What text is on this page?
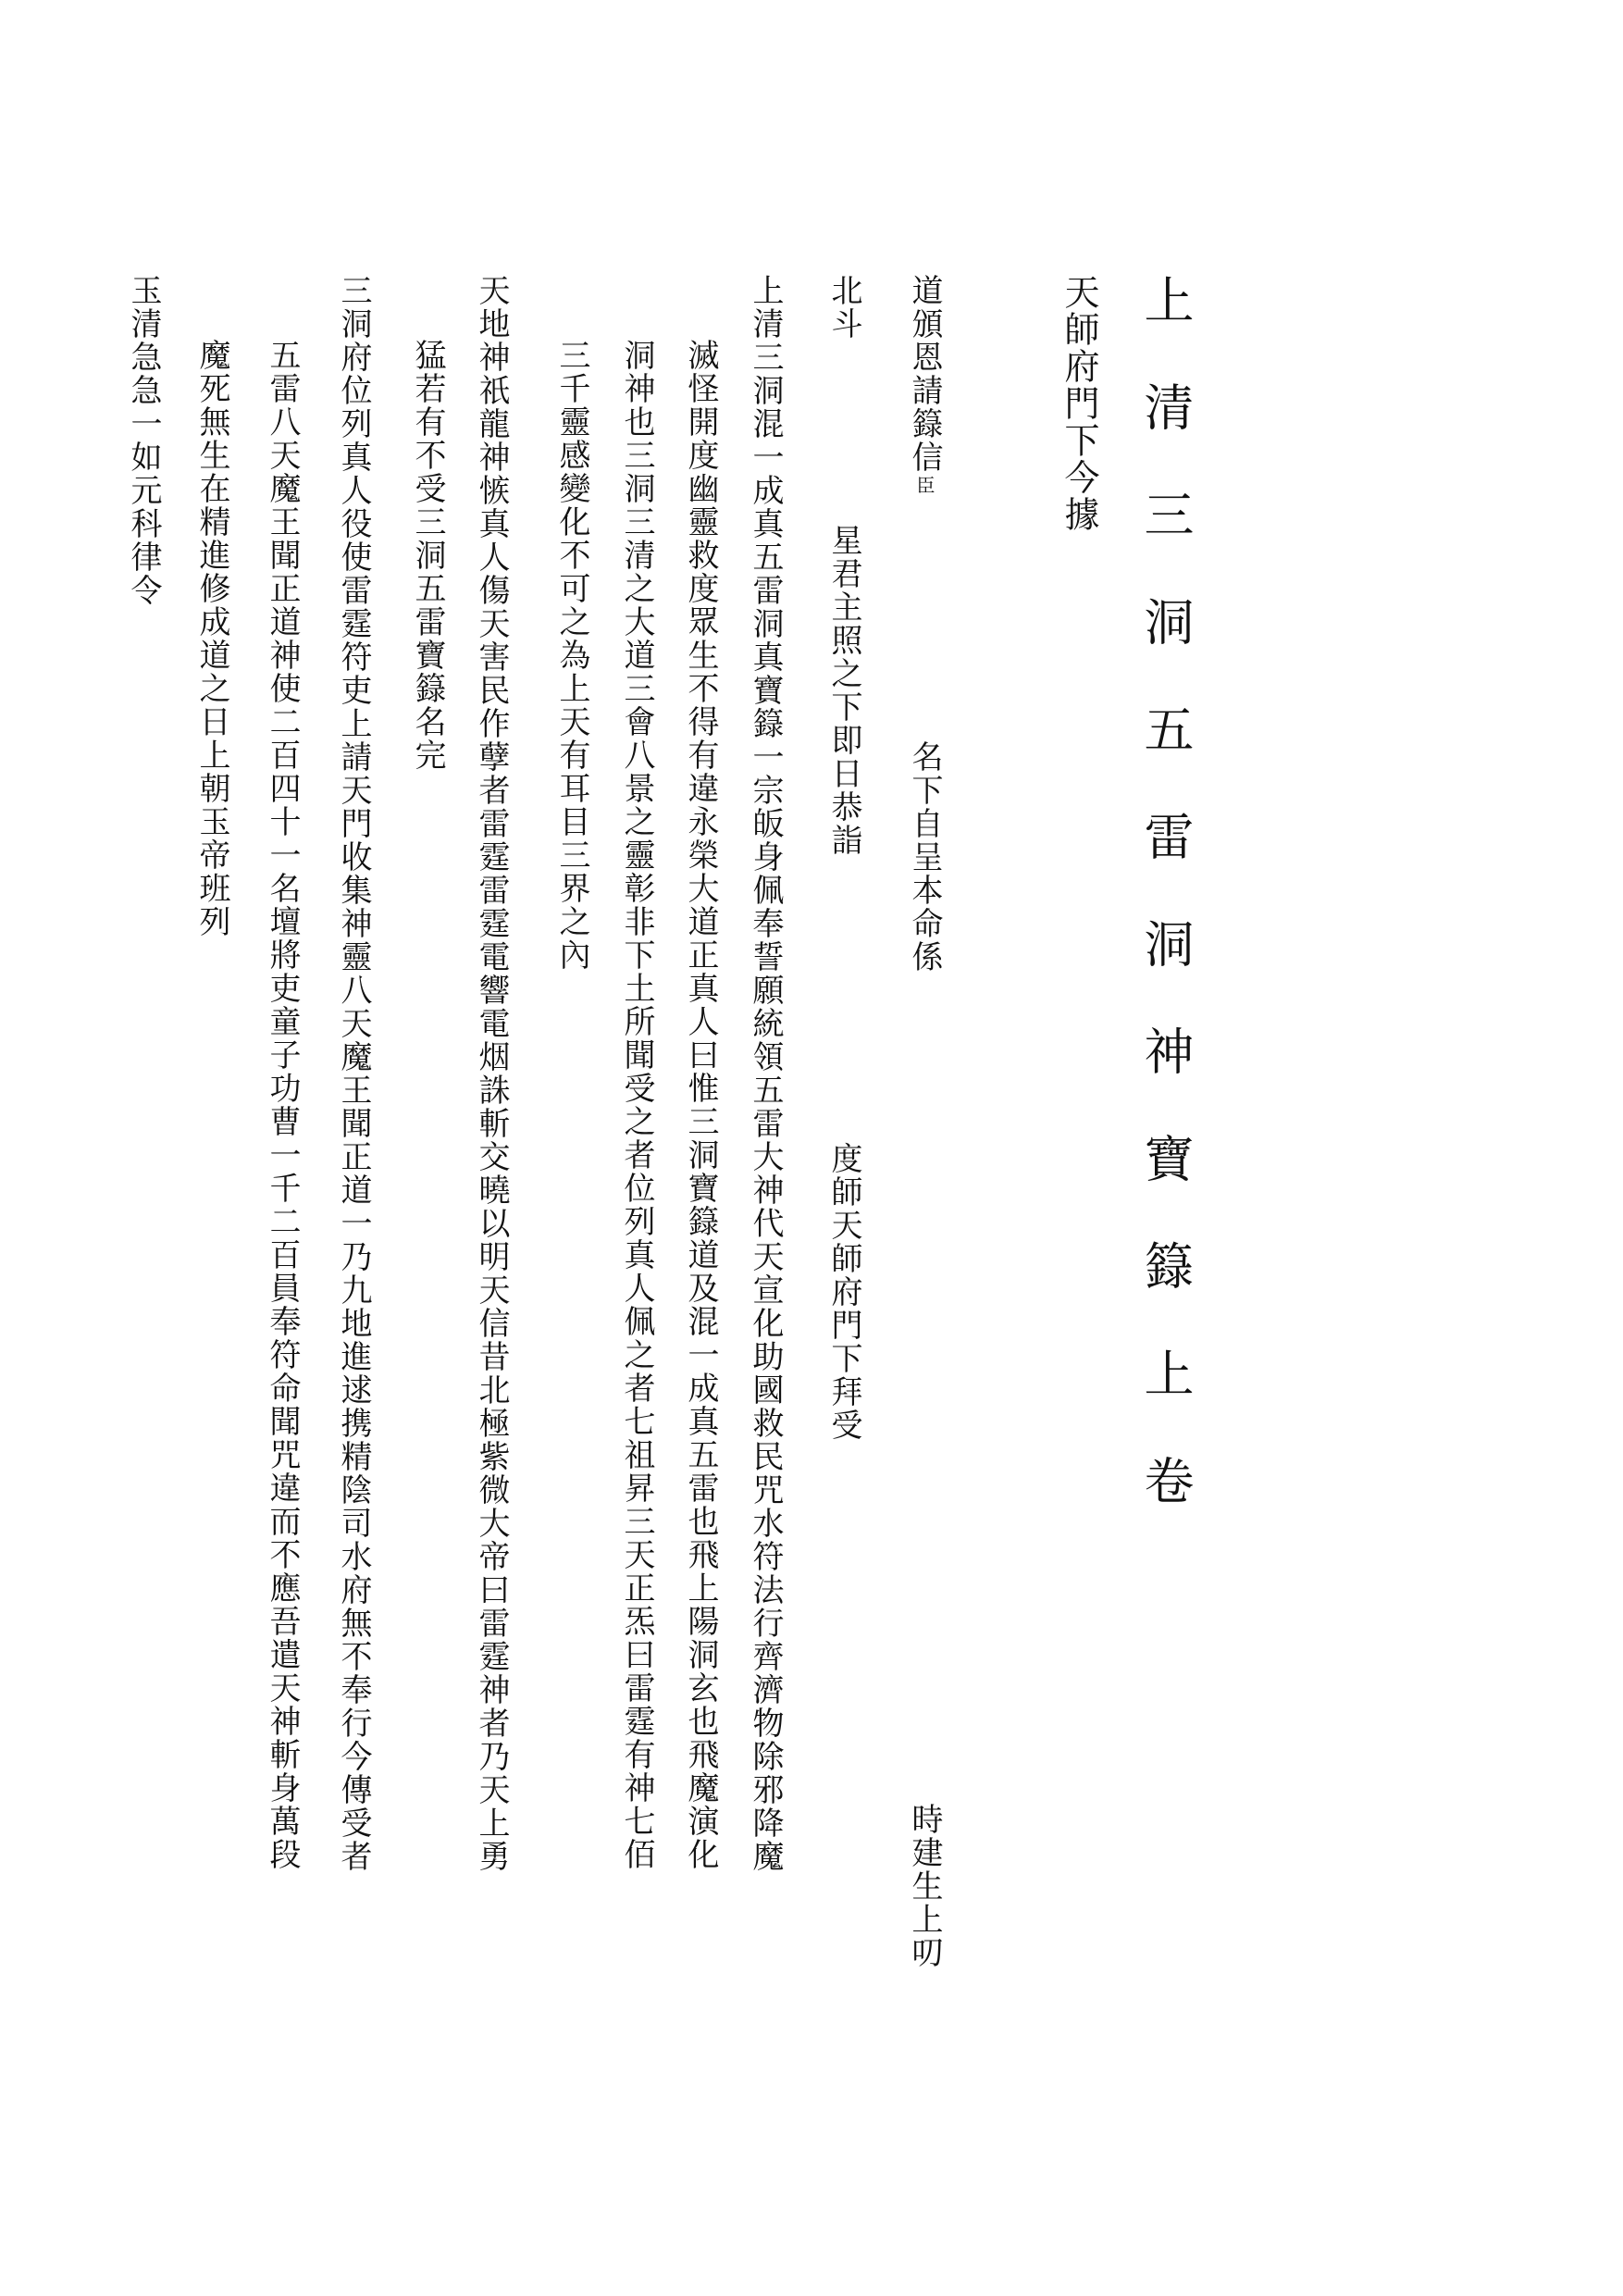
上清三洞五雷洞神寶籙上卷
天師府門下今據
道頒恩請籙信臣
名下自呈本命係
時建生上叨
北斗
星君主照之下即日恭詣
度師天師府門下拜受
上清三洞混一成真五雷洞真寶籙一宗皈身佩奉誓願統領五雷大神代天宣化助國救民咒水符法行齊濟物除邪降魔
滅怪開度幽靈救度眾生不得有違永榮大道正真人曰惟三洞寶籙道及混一成真五雷也飛上陽洞玄也飛魔演化
洞神也三洞三清之大道三會八景之靈彰非下土所聞受之者位列真人佩之者七祖昇三天正炁曰雷霆有神七佰
三千靈感變化不可之為上天有耳目三界之內
天地神祇龍神愱真人傷天害民作孽者雷霆雷霆電響電烟誅斬交曉以明天信昔北極紫微大帝曰雷霆神者乃天上勇
猛若有不受三洞五雷寶籙名完
三洞府位列真人役使雷霆符吏上請天門收集神靈八天魔王聞正道一乃九地進逑携精陰司水府無不奉行今傳受者
五雷八天魔王聞正道神使二百四十一名壇將吏童子功曹一千二百員奉符命聞咒違而不應吾遣天神斬身萬段
魔死無生在精進修成道之日上朝玉帝班列
玉清急急一如元科律令
